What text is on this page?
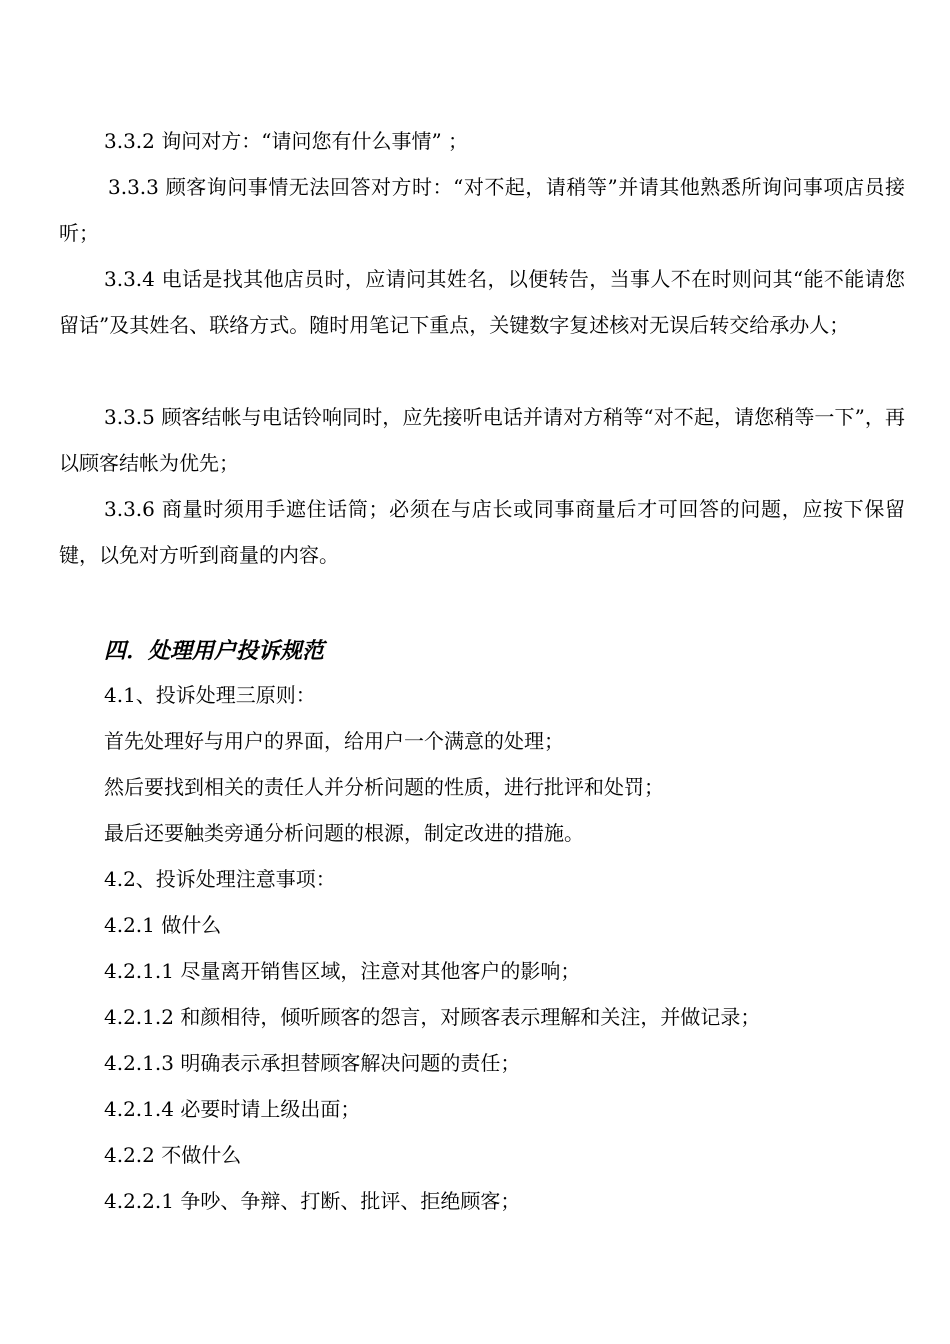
3.3.2 询问对方：“请问您有什么事情” ；

3.3.3 顾客询问事情无法回答对方时：“对不起，请稍等”并请其他熟悉所询问事项店员接听；

3.3.4 电话是找其他店员时，应请问其姓名，以便转告，当事人不在时则问其“能不能请您留话”及其姓名、联络方式。随时用笔记下重点，关键数字复述核对无误后转交给承办人；

3.3.5 顾客结帐与电话铃响同时，应先接听电话并请对方稍等“对不起，请您稍等一下”，再以顾客结帐为优先；

3.3.6 商量时须用手遮住话筒；必须在与店长或同事商量后才可回答的问题，应按下保留键，以免对方听到商量的内容。

四．处理用户投诉规范

4.1、投诉处理三原则：

首先处理好与用户的界面，给用户一个满意的处理；

然后要找到相关的责任人并分析问题的性质，进行批评和处罚；

最后还要触类旁通分析问题的根源，制定改进的措施。

4.2、投诉处理注意事项：

4.2.1 做什么

4.2.1.1 尽量离开销售区域，注意对其他客户的影响；

4.2.1.2 和颜相待，倾听顾客的怨言，对顾客表示理解和关注，并做记录；

4.2.1.3 明确表示承担替顾客解决问题的责任；

4.2.1.4 必要时请上级出面；

4.2.2 不做什么

4.2.2.1 争吵、争辩、打断、批评、拒绝顾客；
